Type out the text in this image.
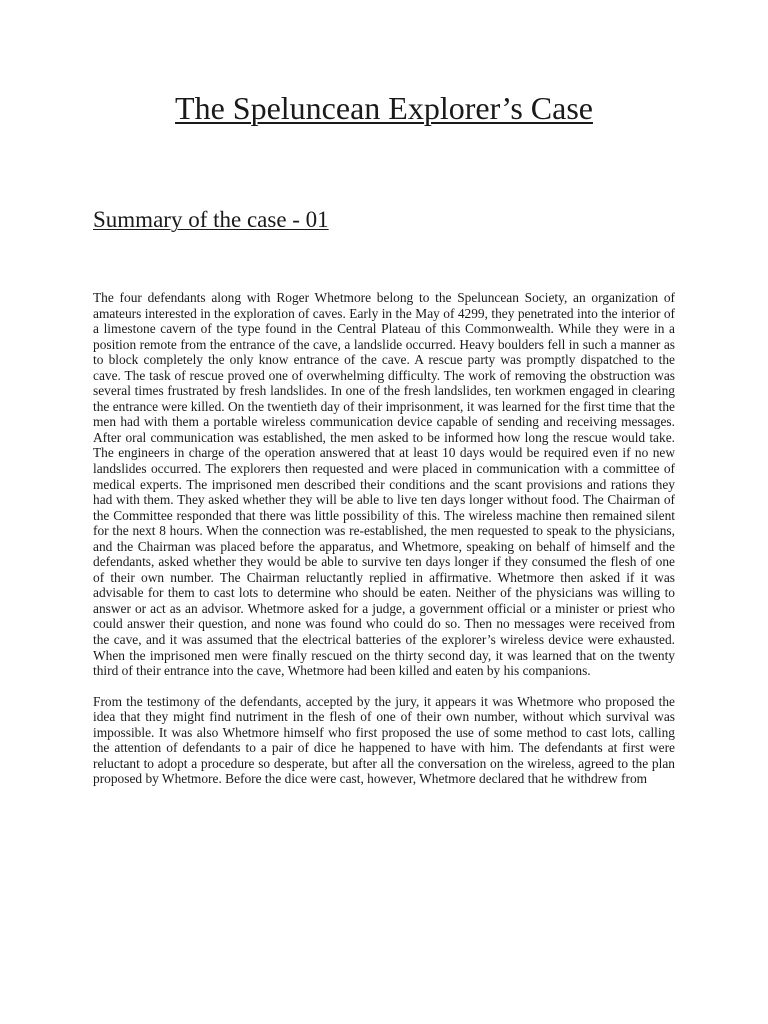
The Speluncean Explorer’s Case
Summary of the case - 01

The four defendants along with Roger Whetmore belong to the Speluncean Society, an organization of amateurs interested in the exploration of caves. Early in the May of 4299, they penetrated into the interior of a limestone cavern of the type found in the Central Plateau of this Commonwealth. While they were in a position remote from the entrance of the cave, a landslide occurred. Heavy boulders fell in such a manner as to block completely the only know entrance of the cave. A rescue party was promptly dispatched to the cave. The task of rescue proved one of overwhelming difficulty. The work of removing the obstruction was several times frustrated by fresh landslides. In one of the fresh landslides, ten workmen engaged in clearing the entrance were killed. On the twentieth day of their imprisonment, it was learned for the first time that the men had with them a portable wireless communication device capable of sending and receiving messages. After oral communication was established, the men asked to be informed how long the rescue would take. The engineers in charge of the operation answered that at least 10 days would be required even if no new landslides occurred. The explorers then requested and were placed in communication with a committee of medical experts. The imprisoned men described their conditions and the scant provisions and rations they had with them. They asked whether they will be able to live ten days longer without food. The Chairman of the Committee responded that there was little possibility of this. The wireless machine then remained silent for the next 8 hours. When the connection was re-established, the men requested to speak to the physicians, and the Chairman was placed before the apparatus, and Whetmore, speaking on behalf of himself and the defendants, asked whether they would be able to survive ten days longer if they consumed the flesh of one of their own number. The Chairman reluctantly replied in affirmative. Whetmore then asked if it was advisable for them to cast lots to determine who should be eaten. Neither of the physicians was willing to answer or act as an advisor. Whetmore asked for a judge, a government official or a minister or priest who could answer their question, and none was found who could do so. Then no messages were received from the cave, and it was assumed that the electrical batteries of the explorer’s wireless device were exhausted. When the imprisoned men were finally rescued on the thirty second day, it was learned that on the twenty third of their entrance into the cave, Whetmore had been killed and eaten by his companions.

From the testimony of the defendants, accepted by the jury, it appears it was Whetmore who proposed the idea that they might find nutriment in the flesh of one of their own number, without which survival was impossible. It was also Whetmore himself who first proposed the use of some method to cast lots, calling the attention of defendants to a pair of dice he happened to have with him. The defendants at first were reluctant to adopt a procedure so desperate, but after all the conversation on the wireless, agreed to the plan proposed by Whetmore. Before the dice were cast, however, Whetmore declared that he withdrew from
